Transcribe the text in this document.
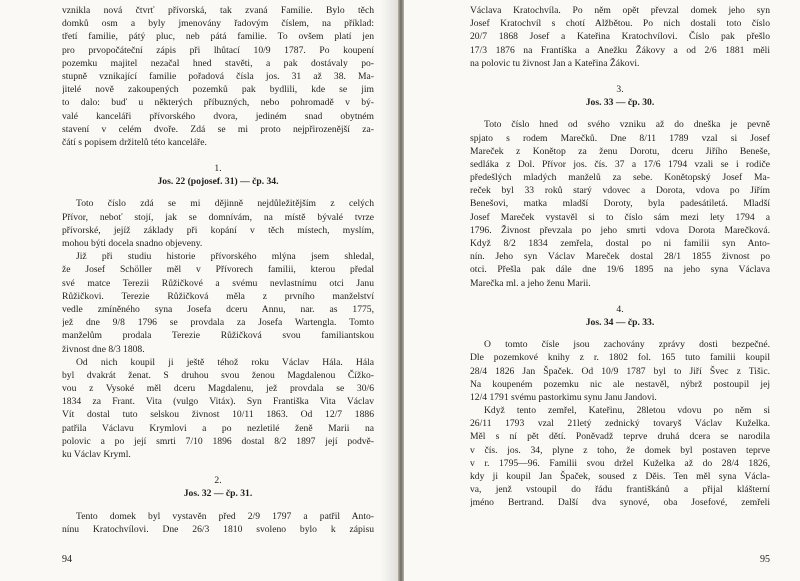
vznikla nová čtvrť přívorská, tak zvaná Familie. Bylo těch
domků osm a byly jmenovány řadovým číslem, na příklad:
třetí familie, pátý pluc, neb pátá familie. To ovšem platí jen
pro prvopočáteční zápis při lhůtací 10/9 1787. Po koupení
pozemku majitel nezačal hned stavěti, a pak dostávaly po-
stupně vznikající familie pořadová čísla jos. 31 až 38. Ma-
jitelé nově zakoupených pozemků pak bydlili, kde se jim
to dalo: buď u některých příbuzných, nebo pohromadě v bý-
valé kanceláři přívorského dvora, jediném snad obytném
stavení v celém dvoře. Zdá se mi proto nejpřirozenější za-
čátí s popisem držitelů této kanceláře.
1.
Jos. 22 (pojosef. 31) — čp. 34.
Toto číslo zdá se mi dějinně nejdůležitějším z celých
Přívor, neboť stojí, jak se domnívám, na místě bývalé tvrze
přívorské, jejíž základy při kopání v těch místech, myslím,
mohou býti docela snadno objeveny.
Již při studiu historie přívorského mlýna jsem shledal,
že Josef Schöller měl v Přívorech familii, kterou předal
své matce Terezii Růžičkové a svému nevlastnímu otci Janu
Růžičkovi. Terezie Růžičková měla z prvního manželství
vedle zmíněného syna Josefa dceru Annu, nar. as 1775,
jež dne 9/8 1796 se provdala za Josefa Wartengla. Tomto
manželům prodala Terezie Růžičková svou familiantskou
živnost dne 8/3 1808.
Od nich koupil ji ještě téhož roku Václav Hála. Hála
byl dvakrát ženat. S druhou svou ženou Magdalenou Čížko-
vou z Vysoké měl dceru Magdalenu, jež provdala se 30/6
1834 za Frant. Vita (vulgo Vitáx). Syn Františka Vita Václav
Vít dostal tuto selskou živnost 10/11 1863. Od 12/7 1886
patřila Václavu Krymlovi a po nezletilé ženě Marii na
polovic a po její smrti 7/10 1896 dostal 8/2 1897 její podvě-
ku Václav Kryml.
2.
Jos. 32 — čp. 31.
Tento domek byl vystavěn před 2/9 1797 a patřil Anto-
nínu Kratochvílovi. Dne 26/3 1810 svoleno bylo k zápisu
94
Václava Kratochvíla. Po něm opět převzal domek jeho syn
Josef Kratochvíl s chotí Alžbětou. Po nich dostali toto číslo
20/7 1868 Josef a Kateřina Kratochvílovi. Číslo pak přešlo
17/3 1876 na Františka a Anežku Žákovy a od 2/6 1881 měli
na polovic tu živnost Jan a Kateřina Žákovi.
3.
Jos. 33 — čp. 30.
Toto číslo hned od svého vzniku až do dneška je pevně
spjato s rodem Marečků. Dne 8/11 1789 vzal si Josef
Mareček z Konětop za ženu Dorotu, dceru Jiřího Beneše,
sedláka z Dol. Přívor jos. čís. 37 a 17/6 1794 vzali se i rodiče
předešlých mladých manželů za sebe. Konětopský Josef Ma-
reček byl 33 roků starý vdovec a Dorota, vdova po Jiřím
Benešovi, matka mladší Doroty, byla padesátiletá. Mladší
Josef Mareček vystavěl si to číslo sám mezi lety 1794 a
1796. Živnost převzala po jeho smrti vdova Dorota Marečková.
Když 8/2 1834 zemřela, dostal po ni familii syn Anto-
nín. Jeho syn Václav Mareček dostal 28/1 1855 živnost po
otci. Přešla pak dále dne 19/6 1895 na jeho syna Václava
Marečka ml. a jeho ženu Marii.
4.
Jos. 34 — čp. 33.
O tomto čísle jsou zachovány zprávy dosti bezpečné.
Dle pozemkové knihy z r. 1802 fol. 165 tuto familii koupil
28/4 1826 Jan Špaček. Od 10/9 1787 byl to Jiří Švec z Tišic.
Na koupeném pozemku nic ale nestavěl, nýbrž postoupil jej
12/4 1791 svému pastorkimu synu Janu Jandovi.
Když tento zemřel, Kateřinu, 28letou vdovu po něm si
26/11 1793 vzal 21letý zednický tovaryš Václav Kuželka.
Měl s ní pět dětí. Poněvadž teprve druhá dcera se narodila
v čís. jos. 34, plyne z toho, že domek byl postaven teprve
v r. 1795—96. Familii svou držel Kuželka až do 28/4 1826,
kdy ji koupil Jan Špaček, soused z Děis. Ten měl syna Václa-
va, jenž vstoupil do řádu františkánů a přijal klášterní
jméno Bertrand. Další dva synové, oba Josefové, zemřeli
95
